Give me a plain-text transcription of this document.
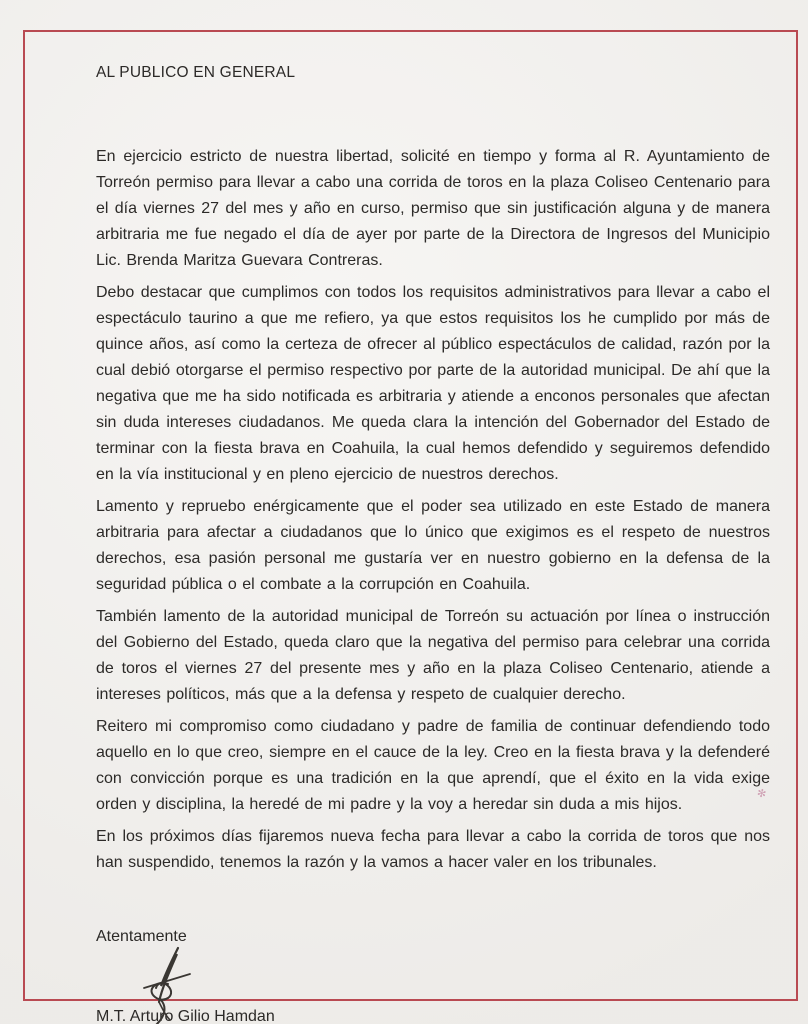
✻

AL PUBLICO EN GENERAL

En ejercicio estricto de nuestra libertad, solicité en tiempo y forma al R. Ayuntamiento de Torreón permiso para llevar a cabo una corrida de toros en la plaza Coliseo Centenario para el día viernes 27 del mes y año en curso, permiso que sin justificación alguna y de manera arbitraria me fue negado el día de ayer por parte de la Directora de Ingresos del Municipio Lic. Brenda Maritza Guevara Contreras.

Debo destacar que cumplimos con todos los requisitos administrativos para llevar a cabo el espectáculo taurino a que me refiero, ya que estos requisitos los he cumplido por más de quince años, así como la certeza de ofrecer al público espectáculos de calidad, razón por la cual debió otorgarse el permiso respectivo por parte de la autoridad municipal. De ahí que la negativa que me ha sido notificada es arbitraria y atiende a enconos personales que afectan sin duda intereses ciudadanos. Me queda clara la intención del Gobernador del Estado de terminar con la fiesta brava en Coahuila, la cual hemos defendido y seguiremos defendido en la vía institucional y en pleno ejercicio de nuestros derechos.

Lamento y repruebo enérgicamente que el poder sea utilizado en este Estado de manera arbitraria para afectar a ciudadanos que lo único que exigimos es el respeto de nuestros derechos, esa pasión personal me gustaría ver en nuestro gobierno en la defensa de la seguridad pública o el combate a la corrupción en Coahuila.

También lamento de la autoridad municipal de Torreón su actuación por línea o instrucción del Gobierno del Estado, queda claro que la negativa del permiso para celebrar una corrida de toros el viernes 27 del presente mes y año en la plaza Coliseo Centenario, atiende a intereses políticos, más que a la defensa y respeto de cualquier derecho.

Reitero mi compromiso como ciudadano y padre de familia de continuar defendiendo todo aquello en lo que creo, siempre en el cauce de la ley. Creo en la fiesta brava y la defenderé con convicción porque es una tradición en la que aprendí, que el éxito en la vida exige orden y disciplina, la heredé de mi padre y la voy a heredar sin duda a mis hijos.

En los próximos días fijaremos nueva fecha para llevar a cabo la corrida de toros que nos han suspendido, tenemos la razón y la vamos a hacer valer en los tribunales.

Atentamente

M.T. Arturo Gilio Hamdan
